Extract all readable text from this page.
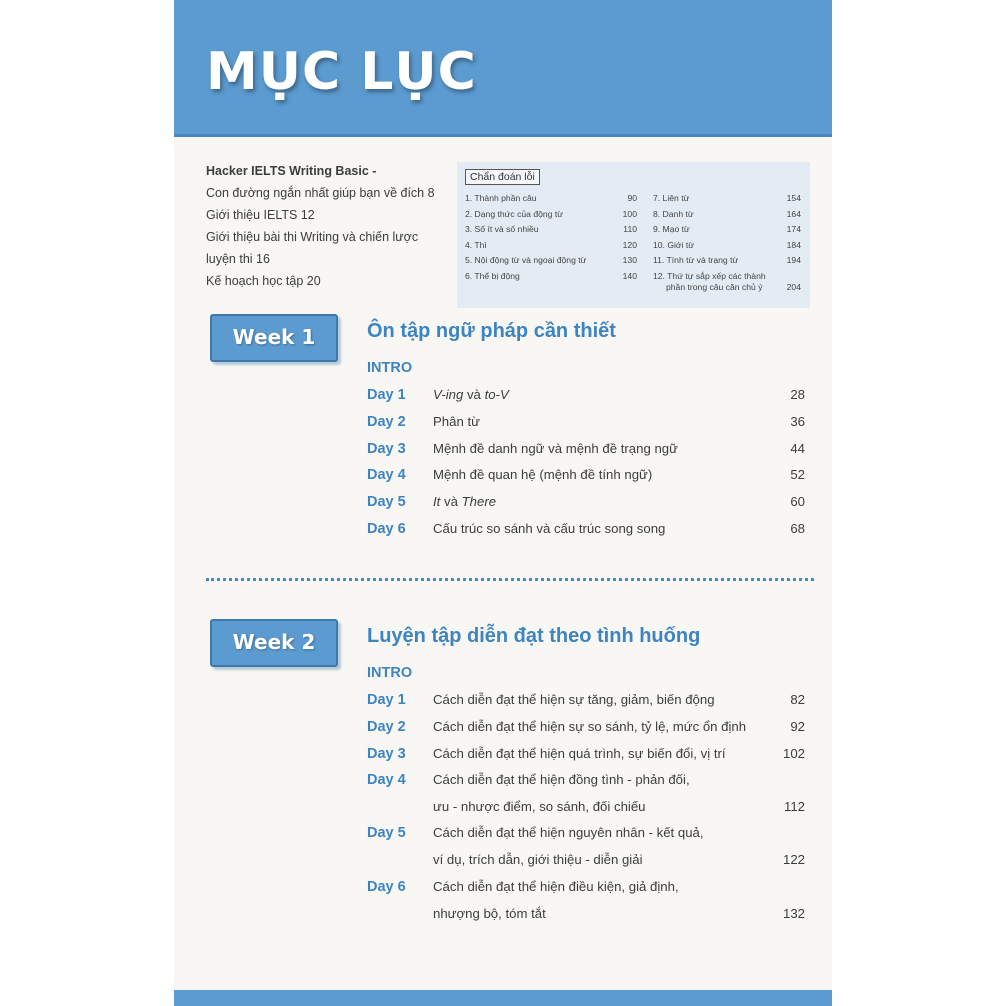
MỤC LỤC
Hacker IELTS Writing Basic -
Con đường ngắn nhất giúp bạn về đích 8
Giới thiệu IELTS 12
Giới thiệu bài thi Writing và chiến lược
luyện thi 16
Kế hoạch học tập 20
Chẩn đoán lỗi
1. Thành phần câu	90
2. Dạng thức của động từ	100
3. Số ít và số nhiều	110
4. Thì	120
5. Nội động từ và ngoại động từ	130
6. Thể bị động	140
7. Liên từ	154
8. Danh từ	164
9. Mạo từ	174
10. Giới từ	184
11. Tính từ và trạng từ	194
12. Thứ tự sắp xếp các thành
phần trong câu căn chủ ý	204
Week 1	Ôn tập ngữ pháp cần thiết
INTRO
Day 1 V-ing và to-V	28
Day 2 Phân từ	36
Day 3 Mệnh đề danh ngữ và mệnh đề trạng ngữ	44
Day 4 Mệnh đề quan hệ (mệnh đề tính ngữ)	52
Day 5 It và There	60
Day 6 Cấu trúc so sánh và cấu trúc song song	68
Week 2	Luyện tập diễn đạt theo tình huống
INTRO
Day 1 Cách diễn đạt thể hiện sự tăng, giảm, biến động	82
Day 2 Cách diễn đạt thể hiện sự so sánh, tỷ lệ, mức ổn định	92
Day 3 Cách diễn đạt thể hiện quá trình, sự biến đổi, vị trí	102
Day 4 Cách diễn đạt thể hiện đồng tình - phản đối,
ưu - nhược điểm, so sánh, đối chiếu	112
Day 5 Cách diễn đạt thể hiện nguyên nhân - kết quả,
ví dụ, trích dẫn, giới thiệu - diễn giải	122
Day 6 Cách diễn đạt thể hiện điều kiện, giả định,
nhượng bộ, tóm tắt	132
